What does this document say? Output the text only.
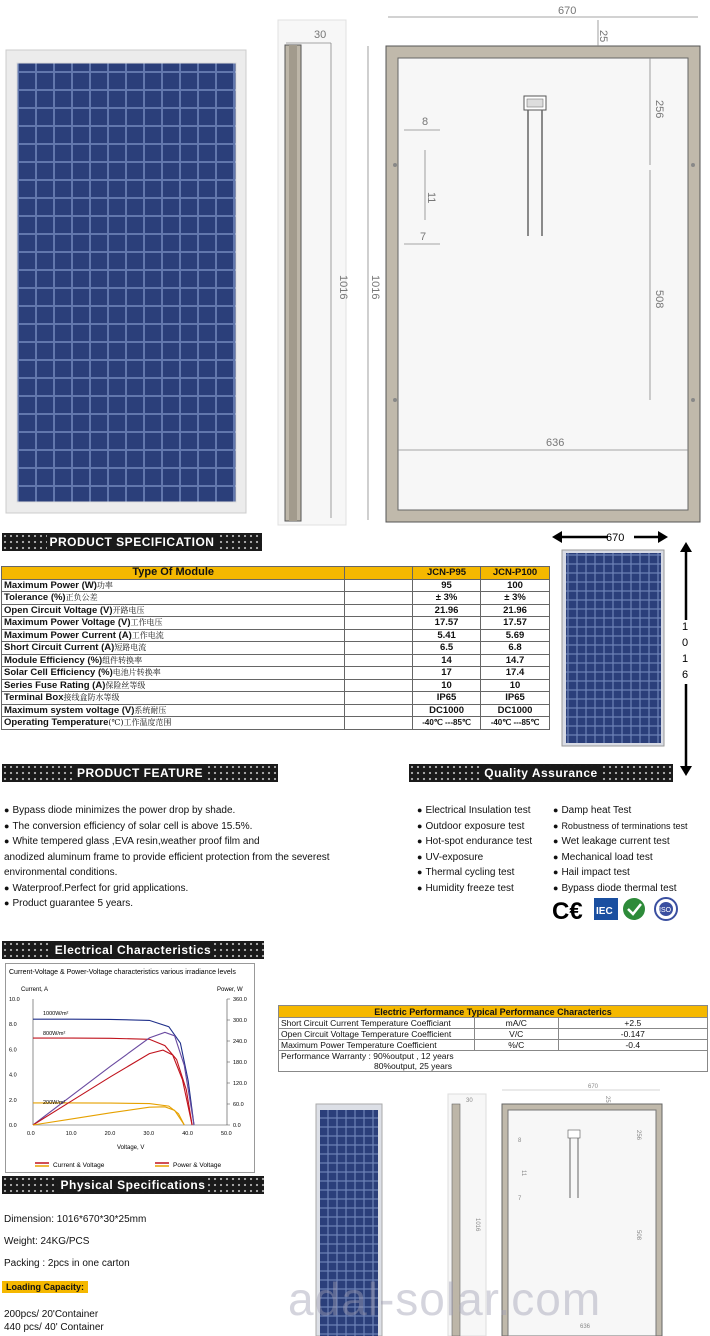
30
1016
670
25
256
508
1016
8
11
7
636
PRODUCT SPECIFICATION
Type Of Module		JCN-P95	JCN-P100
Maximum Power (W)功率		95	100
Tolerance (%)正负公差		± 3%	± 3%
Open Circuit Voltage (V)开路电压		21.96	21.96
Maximum Power Voltage (V)工作电压		17.57	17.57
Maximum Power Current (A)工作电流		5.41	5.69
Short Circuit Current (A)短路电流		6.5	6.8
Module Efficiency (%)组件转换率		14	14.7
Solar Cell Efficiency (%)电池片转换率		17	17.4
Series Fuse Rating (A)保险丝等级		10	10
Terminal Box接线盒防水等级		IP65	IP65
Maximum system voltage (V)系统耐压		DC1000	DC1000
Operating Temperature(℃)工作温度范围		-40℃ ---85℃	-40℃ ---85℃
670
1
0
1
6
PRODUCT FEATURE
● Bypass diode minimizes the power drop by shade.
● The conversion efficiency of solar cell is above 15.5%.
● White tempered glass ,EVA resin,weather proof film and
anodized aluminum frame to provide efficient protection from the severest
environmental conditions.
● Waterproof.Perfect for grid applications.
● Product guarantee 5 years.
Quality Assurance
● Electrical Insulation test
● Outdoor exposure test
● Hot-spot endurance test
● UV-exposure
● Thermal cycling test
● Humidity freeze test
● Damp heat Test
● Robustness of terminations test
● Wet leakage current test
● Mechanical load test
● Hail impact test
● Bypass diode thermal test
C€ IEC	ISO
Electrical Characteristics
Current-Voltage & Power-Voltage characteristics various irradiance levels
Current, A	Power, W
Voltage, V
0.0	10.0	20.0	30.0	40.0	50.0
0.0
2.0
4.0
6.0
8.0
10.0
0.0
60.0
120.0
180.0
240.0
300.0
360.0
1000W/m²
800W/m²
200W/m²
Current & Voltage	Power & Voltage
Electric Performance Typical Performance Characterics		
Short Circuit Current Temperature Coefficiant	mA/C	+2.5
Open Circuit Voltage Temperature Coefficient	V/C	-0.147
Maximum Power Temperature Coefficient	%/C	-0.4
Performance Warranty : 90%output , 12 years		
80%output, 25 years		
Physical Specifications
Dimension: 1016*670*30*25mm
Weight: 24KG/PCS
Packing : 2pcs in one carton
Loading Capacity:
200pcs/ 20'Container
440 pcs/ 40' Container
30
1016
670
25
256
508
8
11
7
636
adal-solar.com
